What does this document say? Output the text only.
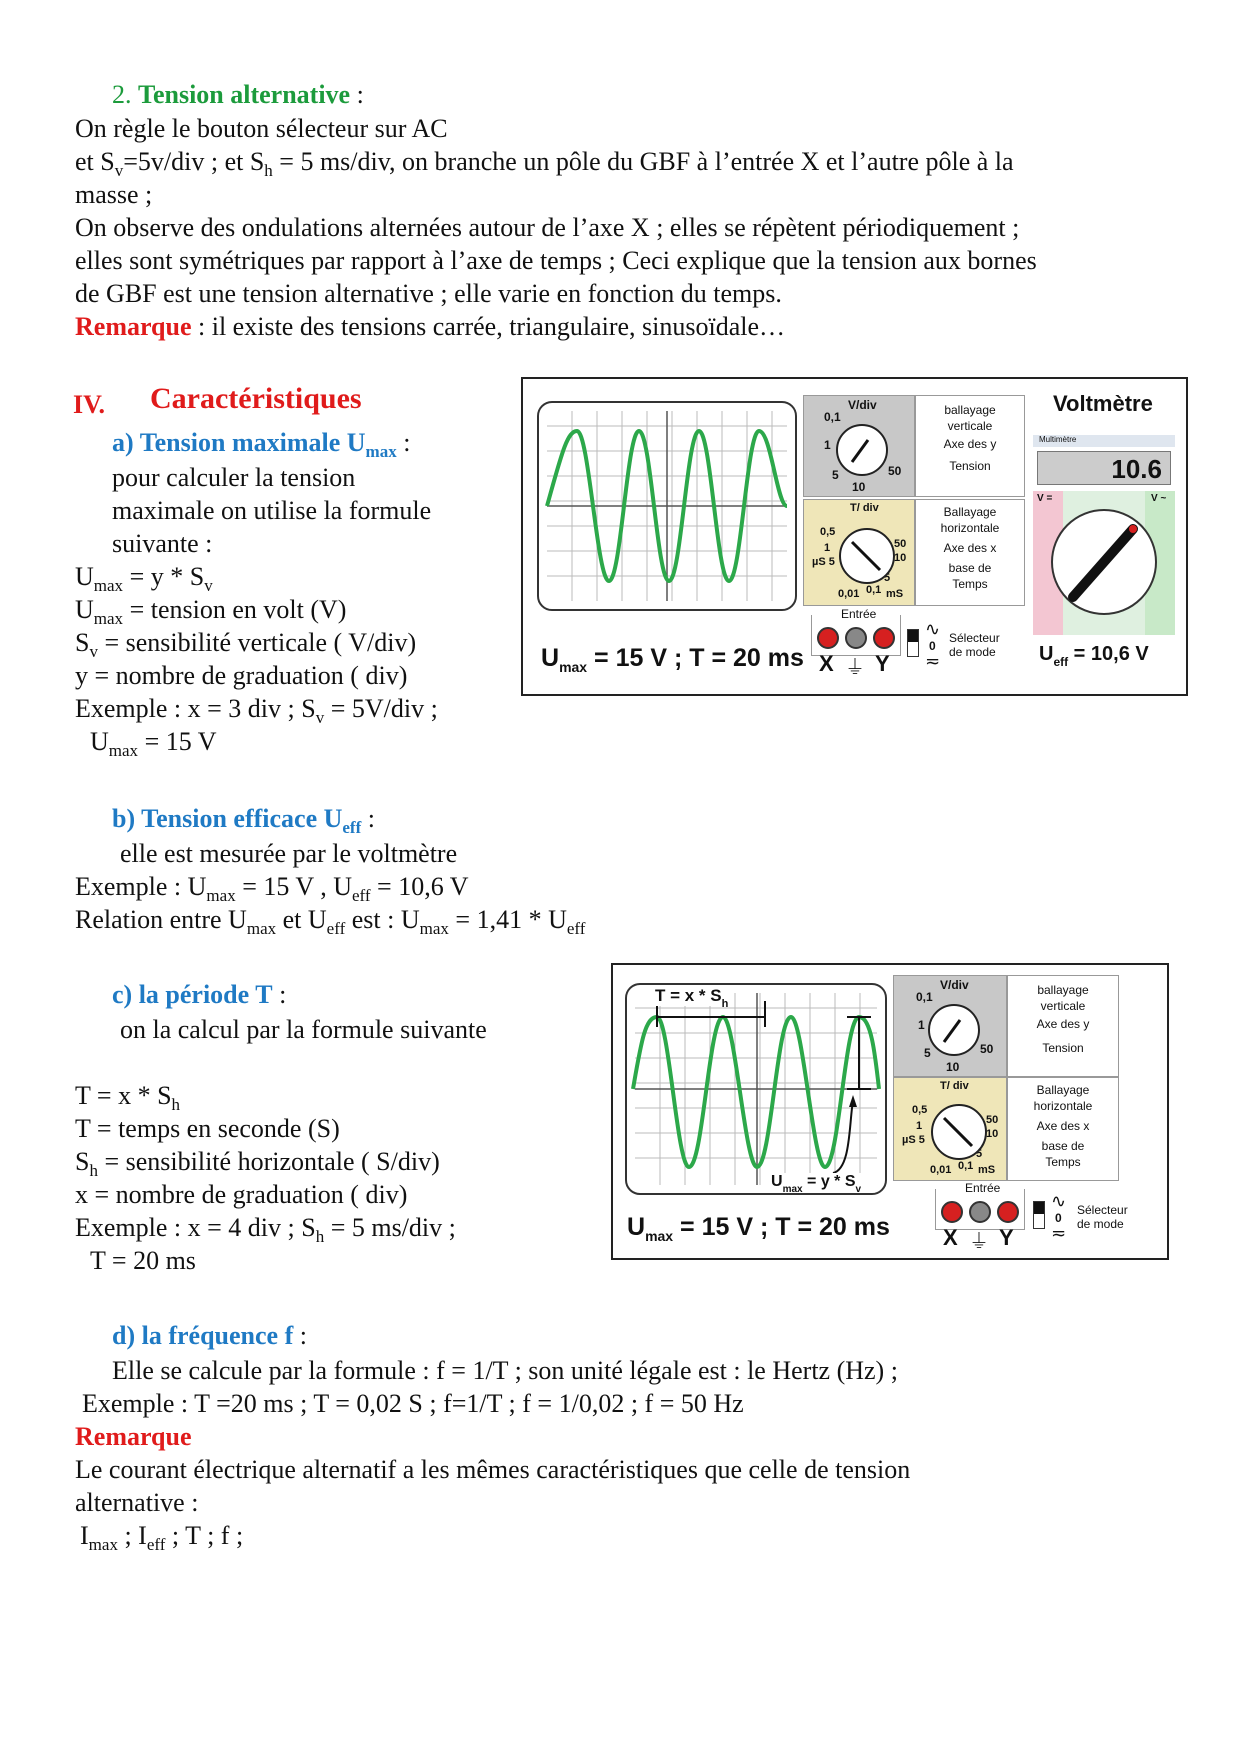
2. Tension alternative :
On règle le bouton sélecteur sur AC
et $S_v=5v$/div ; et $S_h = 5$ ms/div, on branche un pôle du GBF à l’entrée X et l’autre pôle à la
masse ;
On observe des ondulations alternées autour de l’axe X ; elles se répètent périodiquement ;
elles sont symétriques par rapport à l’axe de temps ; Ceci explique que la tension aux bornes
de GBF est une tension alternative ; elle varie en fonction du temps.
Remarque : il existe des tensions carrée, triangulaire, sinusoïdale…
IV. Caractéristiques
a) Tension maximale $U_{max}$ :
pour calculer la tension
maximale on utilise la formule
suivante :
$U_{max} = y * S_v$
$U_{max}$ = tension en volt (V)
$S_v$ = sensibilité verticale ( V/div)
y = nombre de graduation ( div)
Exemple : x = 3 div ; $S_v = 5V/div$ ;
$U_{max} = 15$ V
b) Tension efficace $U_{eff}$ :
elle est mesurée par le voltmètre
Exemple : $U_{max} = 15$ V , $U_{eff} = 10,6$ V
Relation entre $U_{max}$ et $U_{eff}$ est : $U_{max} = 1,41 * U_{eff}$
c) la période T :
on la calcul par la formule suivante
$T = x * S_h$
T = temps en seconde (S)
$S_h$ = sensibilité horizontale ( S/div)
x = nombre de graduation ( div)
Exemple : x = 4 div ; $S_h = 5$ ms/div ;
T = 20 ms
d) la fréquence f :
Elle se calcule par la formule : f = 1/T ; son unité légale est : le Hertz (Hz) ;
Exemple : T =20 ms ; T = 0,02 S ; f=1/T ; f = 1/0,02 ; f = 50 Hz
Remarque
Le courant électrique alternatif a les mêmes caractéristiques que celle de tension
alternative :
$I_{max}$ ; $I_{eff}$ ; T ; f ;
$U_{max} = 15$ V ; T = 20 ms
V/div
0,1
1
5
10
50
ballayage
verticale
Axe des y
Tension
T/ div
0,5
1
µS 5
0,01 0,1 mS
50
10
5
Ballayage
horizontale
Axe des x
base de
Temps
Entrée
X ⏚ Y
∿
0
≂
Sélecteur
de mode
Voltmètre
Multimètre
10.6
V =	V ~
$U_{eff} = 10,6$ V
$T = x * S_h$
$U_{max} = y * S_v$
$U_{max} = 15$ V ; T = 20 ms
V/div
0,1
1
5
10
50
ballayage
verticale
Axe des y
Tension
T/ div
0,5
1
µS 5
0,01 0,1 mS
50
10
5
Ballayage
horizontale
Axe des x
base de
Temps
Entrée
X ⏚ Y
∿
0
≂
Sélecteur
de mode
